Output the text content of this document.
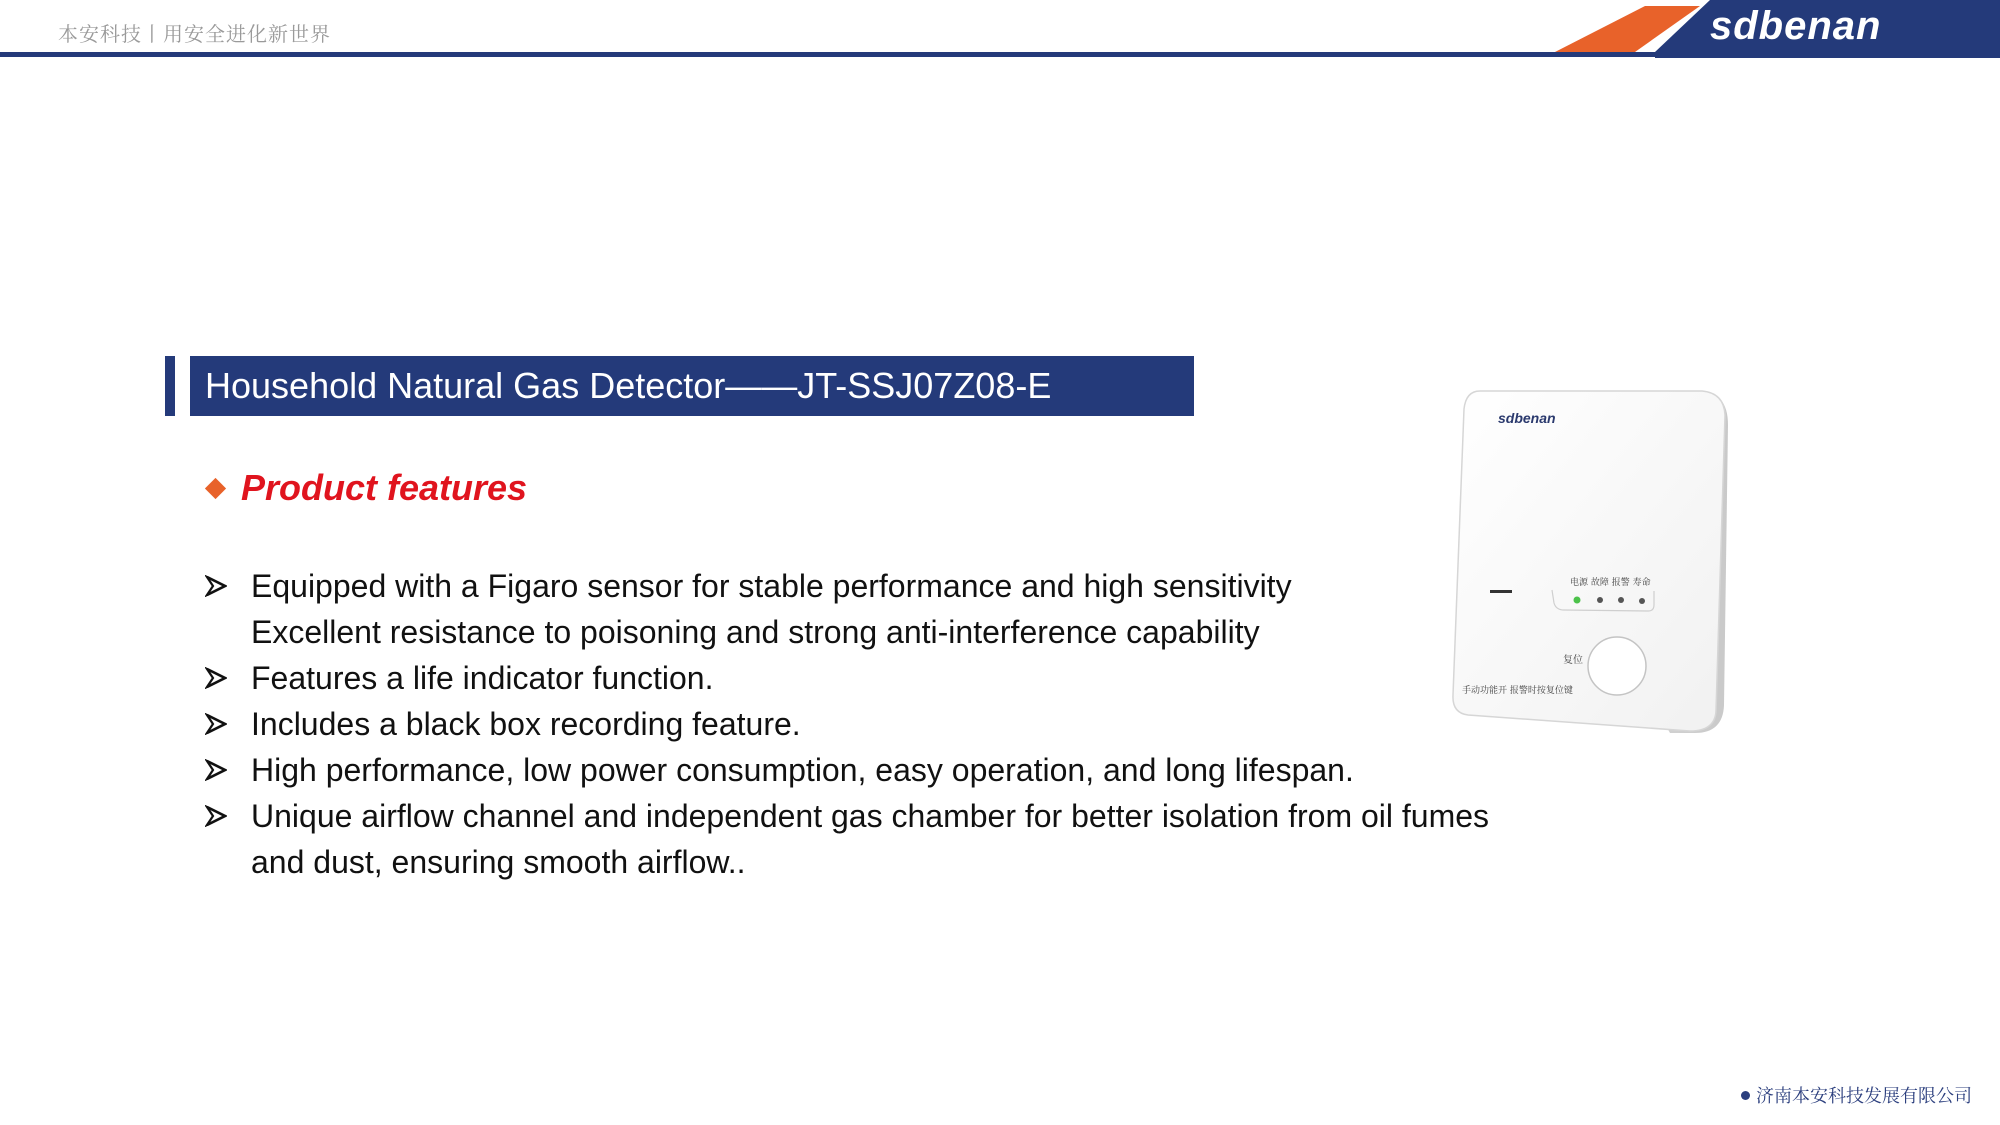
本安科技丨用安全进化新世界	sdbenan
Household Natural Gas Detector——JT-SSJ07Z08-E
Product features
Equipped with a Figaro sensor for stable performance and high sensitivity
Excellent resistance to poisoning and strong anti-interference capability
Features a life indicator function.
Includes a black box recording feature.
High performance, low power consumption, easy operation, and long lifespan.
Unique airflow channel and independent gas chamber for better isolation from oil fumes
and dust, ensuring smooth airflow..
sdbenan
电源 故障 报警 寿命
复位
手动功能开 报警时按复位键
济南本安科技发展有限公司
